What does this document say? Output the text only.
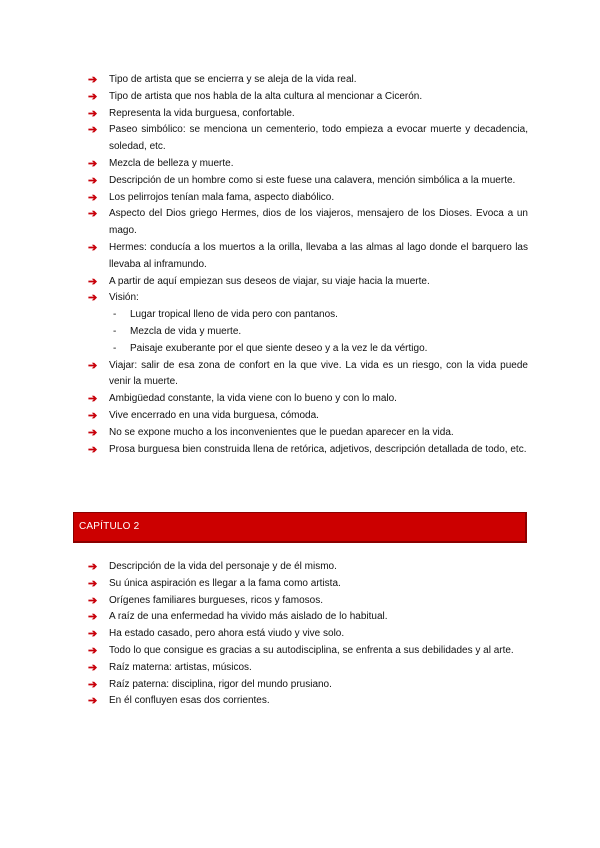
➔ Tipo de artista que se encierra y se aleja de la vida real.
➔ Tipo de artista que nos habla de la alta cultura al mencionar a Cicerón.
➔ Representa la vida burguesa, confortable.
➔ Paseo simbólico: se menciona un cementerio, todo empieza a evocar muerte y decadencia, soledad, etc.
➔ Mezcla de belleza y muerte.
➔ Descripción de un hombre como si este fuese una calavera, mención simbólica a la muerte.
➔ Los pelirrojos tenían mala fama, aspecto diabólico.
➔ Aspecto del Dios griego Hermes, dios de los viajeros, mensajero de los Dioses. Evoca a un mago.
➔ Hermes: conducía a los muertos a la orilla, llevaba a las almas al lago donde el barquero las llevaba al inframundo.
➔ A partir de aquí empiezan sus deseos de viajar, su viaje hacia la muerte.
➔ Visión:
- Lugar tropical lleno de vida pero con pantanos.
- Mezcla de vida y muerte.
- Paisaje exuberante por el que siente deseo y a la vez le da vértigo.
➔ Viajar: salir de esa zona de confort en la que vive. La vida es un riesgo, con la vida puede venir la muerte.
➔ Ambigüedad constante, la vida viene con lo bueno y con lo malo.
➔ Vive encerrado en una vida burguesa, cómoda.
➔ No se expone mucho a los inconvenientes que le puedan aparecer en la vida.
➔ Prosa burguesa bien construida llena de retórica, adjetivos, descripción detallada de todo, etc.
CAPÍTULO 2
➔ Descripción de la vida del personaje y de él mismo.
➔ Su única aspiración es llegar a la fama como artista.
➔ Orígenes familiares burgueses, ricos y famosos.
➔ A raíz de una enfermedad ha vivido más aislado de lo habitual.
➔ Ha estado casado, pero ahora está viudo y vive solo.
➔ Todo lo que consigue es gracias a su autodisciplina, se enfrenta a sus debilidades y al arte.
➔ Raíz materna: artistas, músicos.
➔ Raíz paterna: disciplina, rigor del mundo prusiano.
➔ En él confluyen esas dos corrientes.
